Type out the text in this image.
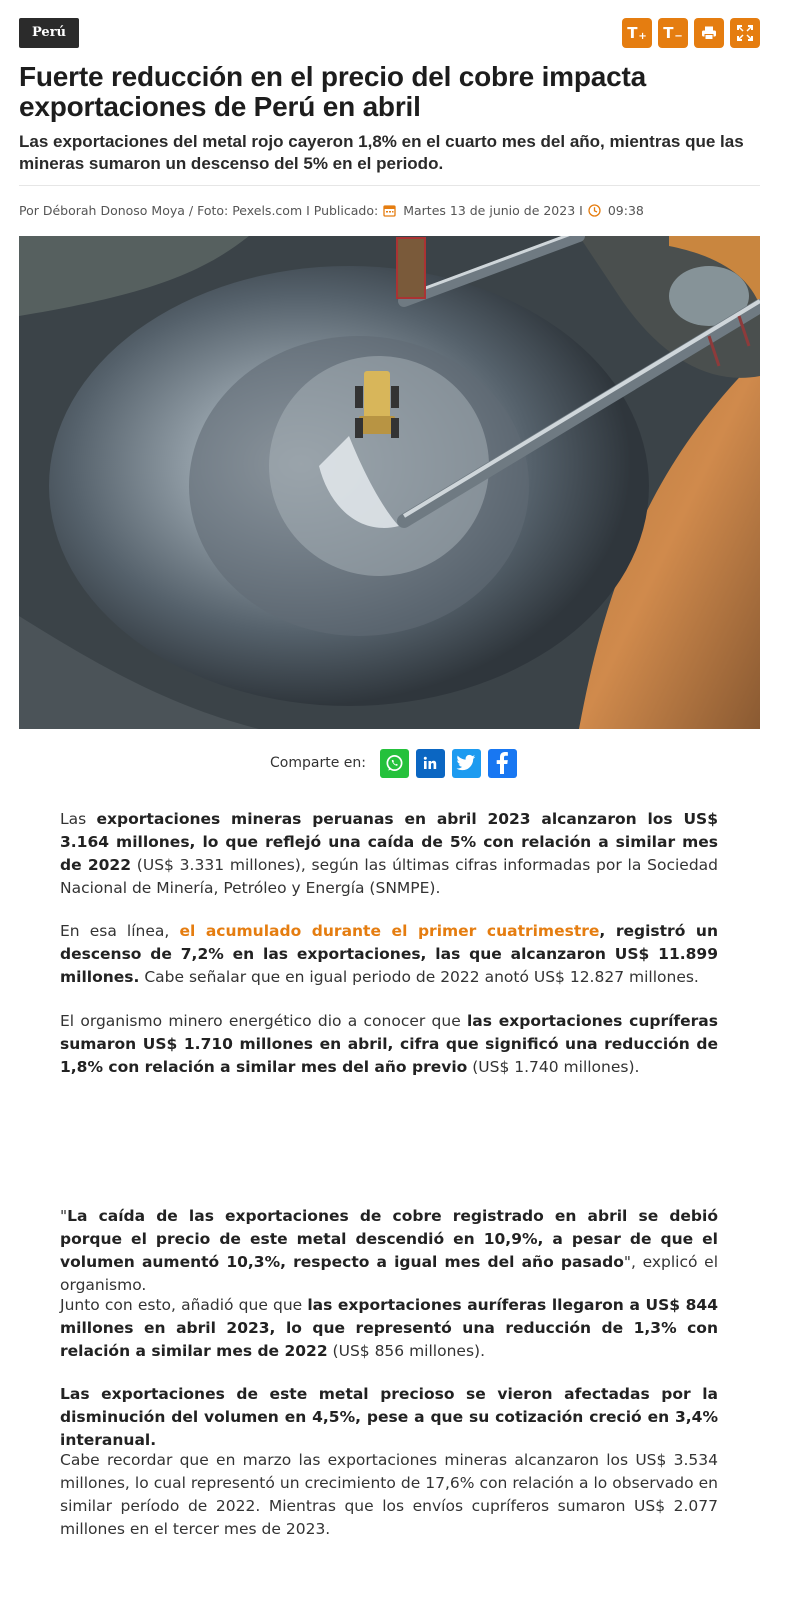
Perú	T + T −
Fuerte reducción en el precio del cobre impacta exportaciones de Perú en abril
Las exportaciones del metal rojo cayeron 1,8% en el cuarto mes del año, mientras que las mineras sumaron un descenso del 5% en el periodo.
Por Déborah Donoso Moya / Foto: Pexels.com I Publicado: Martes 13 de junio de 2023 I 09:38
Comparte en:

Las exportaciones mineras peruanas en abril 2023 alcanzaron los US$ 3.164 millones, lo que reflejó una caída de 5% con relación a similar mes de 2022 (US$ 3.331 millones), según las últimas cifras informadas por la Sociedad Nacional de Minería, Petróleo y Energía (SNMPE).

En esa línea, el acumulado durante el primer cuatrimestre, registró un descenso de 7,2% en las exportaciones, las que alcanzaron US$ 11.899 millones. Cabe señalar que en igual periodo de 2022 anotó US$ 12.827 millones.

El organismo minero energético dio a conocer que las exportaciones cupríferas sumaron US$ 1.710 millones en abril, cifra que significó una reducción de 1,8% con relación a similar mes del año previo (US$ 1.740 millones).

"La caída de las exportaciones de cobre registrado en abril se debió porque el precio de este metal descendió en 10,9%, a pesar de que el volumen aumentó 10,3%, respecto a igual mes del año pasado", explicó el organismo.

Junto con esto, añadió que que las exportaciones auríferas llegaron a US$ 844 millones en abril 2023, lo que representó una reducción de 1,3% con relación a similar mes de 2022 (US$ 856 millones).

Las exportaciones de este metal precioso se vieron afectadas por la disminución del volumen en 4,5%, pese a que su cotización creció en 3,4% interanual.

Cabe recordar que en marzo las exportaciones mineras alcanzaron los US$ 3.534 millones, lo cual representó un crecimiento de 17,6% con relación a lo observado en similar período de 2022. Mientras que los envíos cupríferos sumaron US$ 2.077 millones en el tercer mes de 2023.
